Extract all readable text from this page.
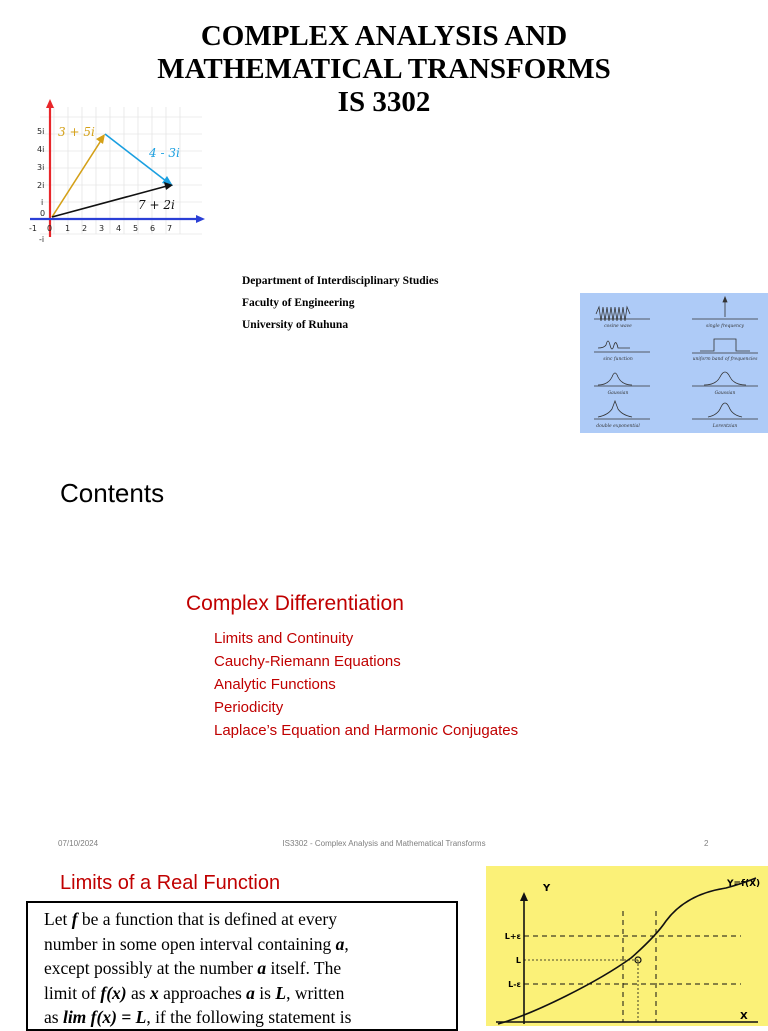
COMPLEX ANALYSIS AND
MATHEMATICAL TRANSFORMS
IS 3302
5i
4i
3i
2i
i
0
-i
-1 0 1 2 3 4 5 6 7
3 + 5i
4 - 3i
7 + 2i
Department of Interdisciplinary Studies
Faculty of Engineering
University of Ruhuna	cosine wave	single frequency
sinc function	uniform band of frequencies
Gaussian	Gaussian
double exponential	Lorentzian
Contents
Complex Differentiation
Limits and Continuity
Cauchy-Riemann Equations
Analytic Functions
Periodicity
Laplace’s Equation and Harmonic Conjugates
07/10/2024	IS3302 - Complex Analysis and Mathematical Transforms	2
Limits of a Real Function
Let f be a function that is defined at every
number in some open interval containing a,
except possibly at the number a itself. The
limit of f(x) as x approaches a is L, written
as lim f(x) = L, if the following statement is
Y
X
Y=f(X)
L+ε
L
L-ε
